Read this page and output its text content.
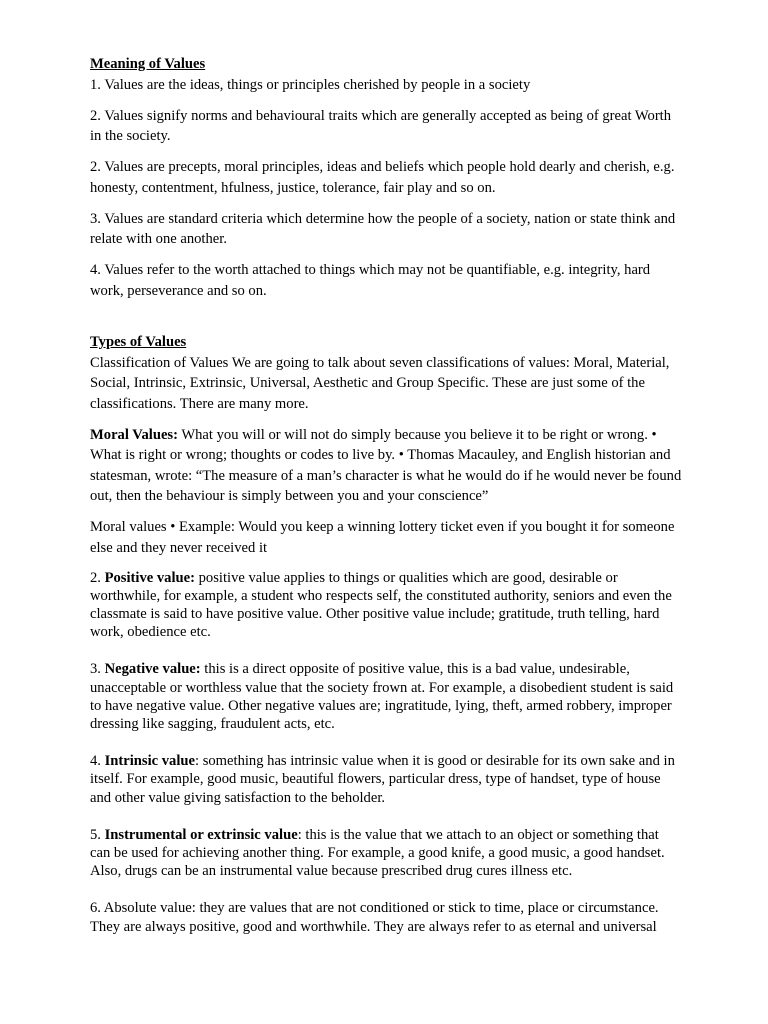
Meaning of Values

1. Values are the ideas, things or principles cherished by people in a society

2. Values signify norms and behavioural traits which are generally accepted as being of great Worth in the society.

2. Values are precepts, moral principles, ideas and beliefs which people hold dearly and cherish, e.g. honesty, contentment, hfulness, justice, tolerance, fair play and so on.

3. Values are standard criteria which determine how the people of a society, nation or state think and relate with one another.

4. Values refer to the worth attached to things which may not be quantifiable, e.g. integrity, hard work, perseverance and so on.

Types of Values

Classification of Values We are going to talk about seven classifications of values: Moral, Material, Social, Intrinsic, Extrinsic, Universal, Aesthetic and Group Specific. These are just some of the classifications. There are many more.

Moral Values: What you will or will not do simply because you believe it to be right or wrong. • What is right or wrong; thoughts or codes to live by. • Thomas Macauley, and English historian and statesman, wrote: “The measure of a man’s character is what he would do if he would never be found out, then the behaviour is simply between you and your conscience”

Moral values • Example: Would you keep a winning lottery ticket even if you bought it for someone else and they never received it

2. Positive value: positive value applies to things or qualities which are good, desirable or worthwhile, for example, a student who respects self, the constituted authority, seniors and even the classmate is said to have positive value. Other positive value include; gratitude, truth telling, hard work, obedience etc.

3. Negative value: this is a direct opposite of positive value, this is a bad value, undesirable, unacceptable or worthless value that the society frown at. For example, a disobedient student is said to have negative value. Other negative values are; ingratitude, lying, theft, armed robbery, improper dressing like sagging, fraudulent acts, etc.

4. Intrinsic value: something has intrinsic value when it is good or desirable for its own sake and in itself. For example, good music, beautiful flowers, particular dress, type of handset, type of house and other value giving satisfaction to the beholder.

5. Instrumental or extrinsic value: this is the value that we attach to an object or something that can be used for achieving another thing. For example, a good knife, a good music, a good handset. Also, drugs can be an instrumental value because prescribed drug cures illness etc.

6. Absolute value: they are values that are not conditioned or stick to time, place or circumstance. They are always positive, good and worthwhile. They are always refer to as eternal and universal
